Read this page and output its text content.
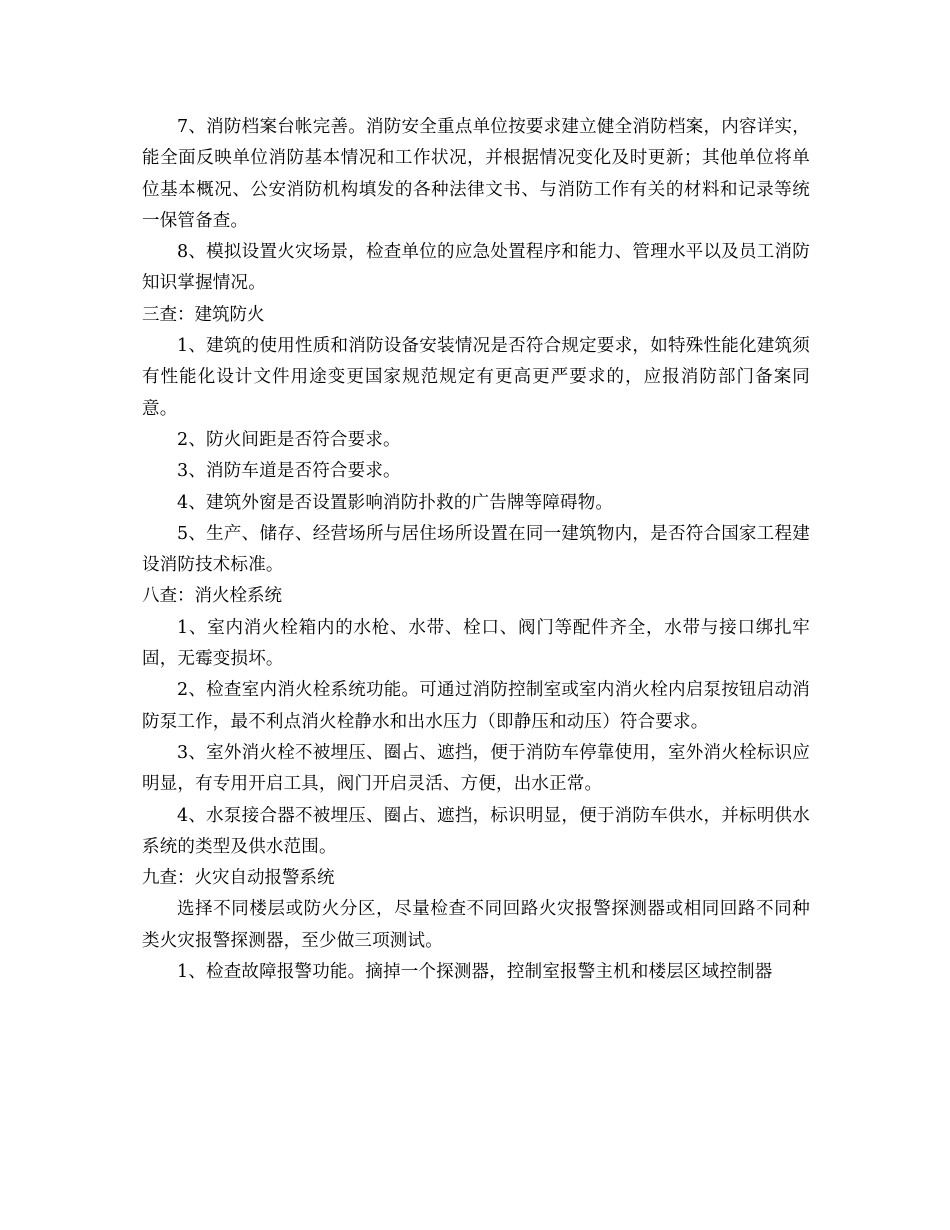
7、消防档案台帐完善。消防安全重点单位按要求建立健全消防档案，内容详实，能全面反映单位消防基本情况和工作状况，并根据情况变化及时更新；其他单位将单位基本概况、公安消防机构填发的各种法律文书、与消防工作有关的材料和记录等统一保管备查。

8、模拟设置火灾场景，检查单位的应急处置程序和能力、管理水平以及员工消防知识掌握情况。

三查：建筑防火

1、建筑的使用性质和消防设备安装情况是否符合规定要求，如特殊性能化建筑须有性能化设计文件用途变更国家规范规定有更高更严要求的，应报消防部门备案同意。

2、防火间距是否符合要求。

3、消防车道是否符合要求。

4、建筑外窗是否设置影响消防扑救的广告牌等障碍物。

5、生产、储存、经营场所与居住场所设置在同一建筑物内，是否符合国家工程建设消防技术标准。

八查：消火栓系统

1、室内消火栓箱内的水枪、水带、栓口、阀门等配件齐全，水带与接口绑扎牢固，无霉变损坏。

2、检查室内消火栓系统功能。可通过消防控制室或室内消火栓内启泵按钮启动消防泵工作，最不利点消火栓静水和出水压力（即静压和动压）符合要求。

3、室外消火栓不被埋压、圈占、遮挡，便于消防车停靠使用，室外消火栓标识应明显，有专用开启工具，阀门开启灵活、方便，出水正常。

4、水泵接合器不被埋压、圈占、遮挡，标识明显，便于消防车供水，并标明供水系统的类型及供水范围。

九查：火灾自动报警系统

选择不同楼层或防火分区，尽量检查不同回路火灾报警探测器或相同回路不同种类火灾报警探测器，至少做三项测试。

1、检查故障报警功能。摘掉一个探测器，控制室报警主机和楼层区域控制器
